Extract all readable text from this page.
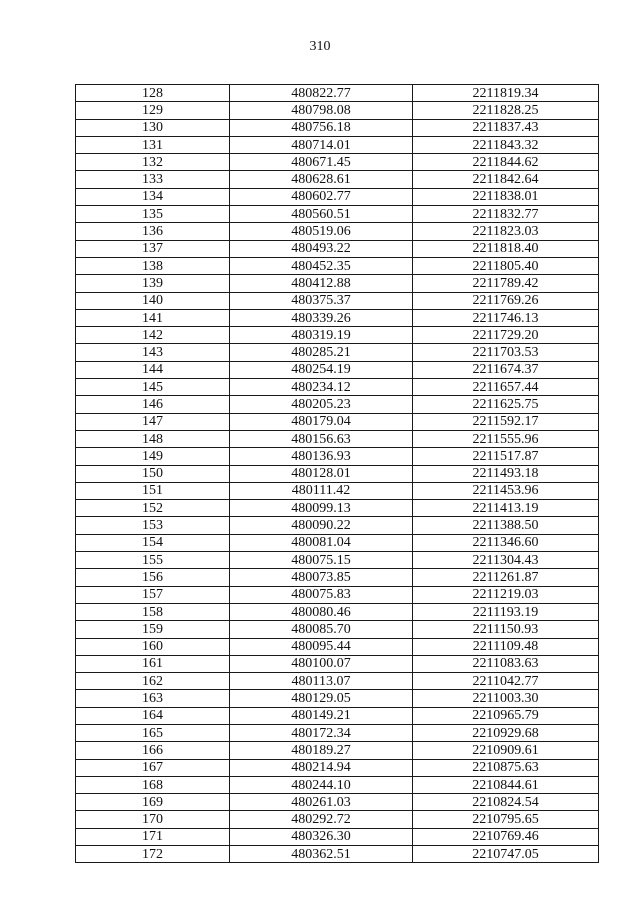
310
128	480822.77	2211819.34
129	480798.08	2211828.25
130	480756.18	2211837.43
131	480714.01	2211843.32
132	480671.45	2211844.62
133	480628.61	2211842.64
134	480602.77	2211838.01
135	480560.51	2211832.77
136	480519.06	2211823.03
137	480493.22	2211818.40
138	480452.35	2211805.40
139	480412.88	2211789.42
140	480375.37	2211769.26
141	480339.26	2211746.13
142	480319.19	2211729.20
143	480285.21	2211703.53
144	480254.19	2211674.37
145	480234.12	2211657.44
146	480205.23	2211625.75
147	480179.04	2211592.17
148	480156.63	2211555.96
149	480136.93	2211517.87
150	480128.01	2211493.18
151	480111.42	2211453.96
152	480099.13	2211413.19
153	480090.22	2211388.50
154	480081.04	2211346.60
155	480075.15	2211304.43
156	480073.85	2211261.87
157	480075.83	2211219.03
158	480080.46	2211193.19
159	480085.70	2211150.93
160	480095.44	2211109.48
161	480100.07	2211083.63
162	480113.07	2211042.77
163	480129.05	2211003.30
164	480149.21	2210965.79
165	480172.34	2210929.68
166	480189.27	2210909.61
167	480214.94	2210875.63
168	480244.10	2210844.61
169	480261.03	2210824.54
170	480292.72	2210795.65
171	480326.30	2210769.46
172	480362.51	2210747.05
